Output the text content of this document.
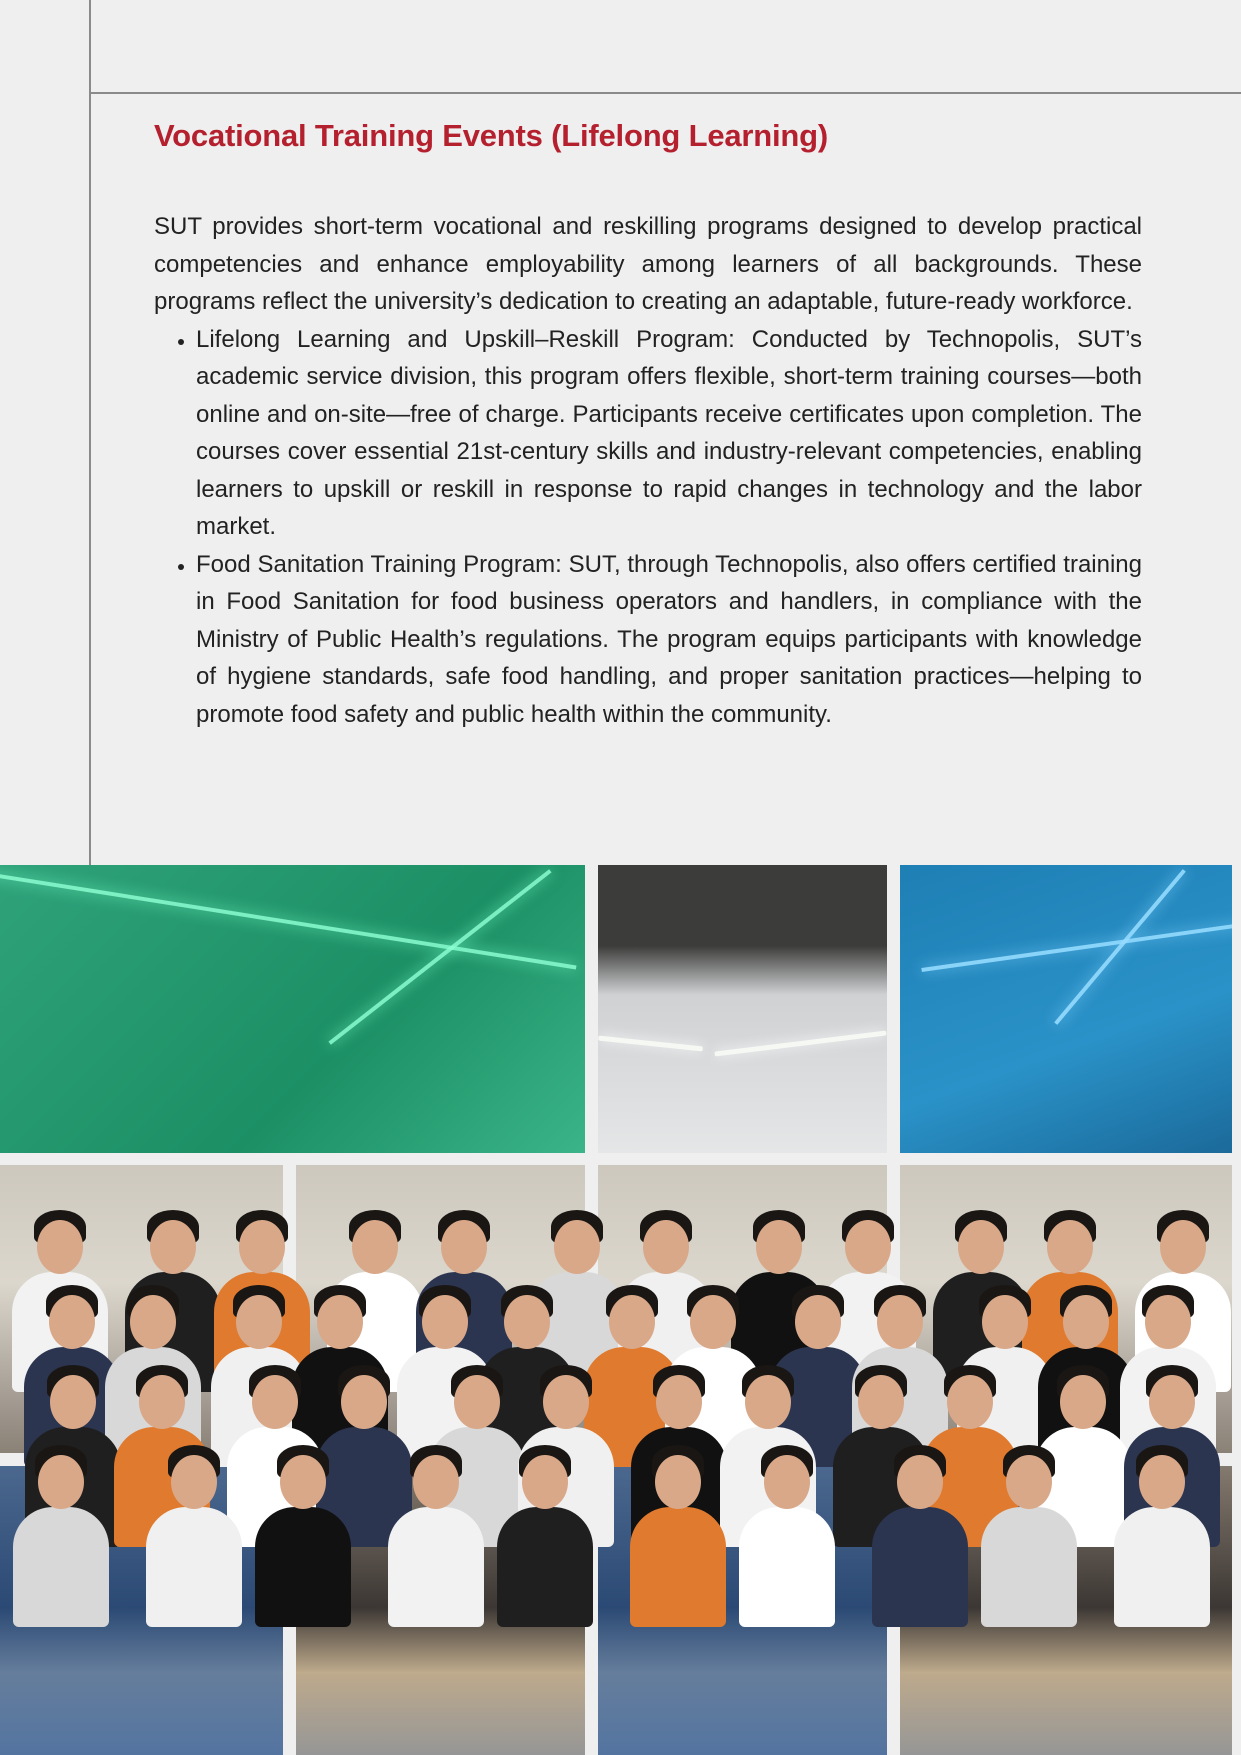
Vocational Training Events (Lifelong Learning)

SUT provides short-term vocational and reskilling programs designed to develop practical competencies and enhance employability among learners of all backgrounds. These programs reflect the university’s dedication to creating an adaptable, future-ready workforce.

• Lifelong Learning and Upskill–Reskill Program: Conducted by Technopolis, SUT’s academic service division, this program offers flexible, short-term training courses—both online and on-site—free of charge. Participants receive certificates upon completion. The courses cover essential 21st-century skills and industry-relevant competencies, enabling learners to upskill or reskill in response to rapid changes in technology and the labor market.
• Food Sanitation Training Program: SUT, through Technopolis, also offers certified training in Food Sanitation for food business operators and handlers, in compliance with the Ministry of Public Health’s regulations. The program equips participants with knowledge of hygiene standards, safe food handling, and proper sanitation practices—helping to promote food safety and public health within the community.
